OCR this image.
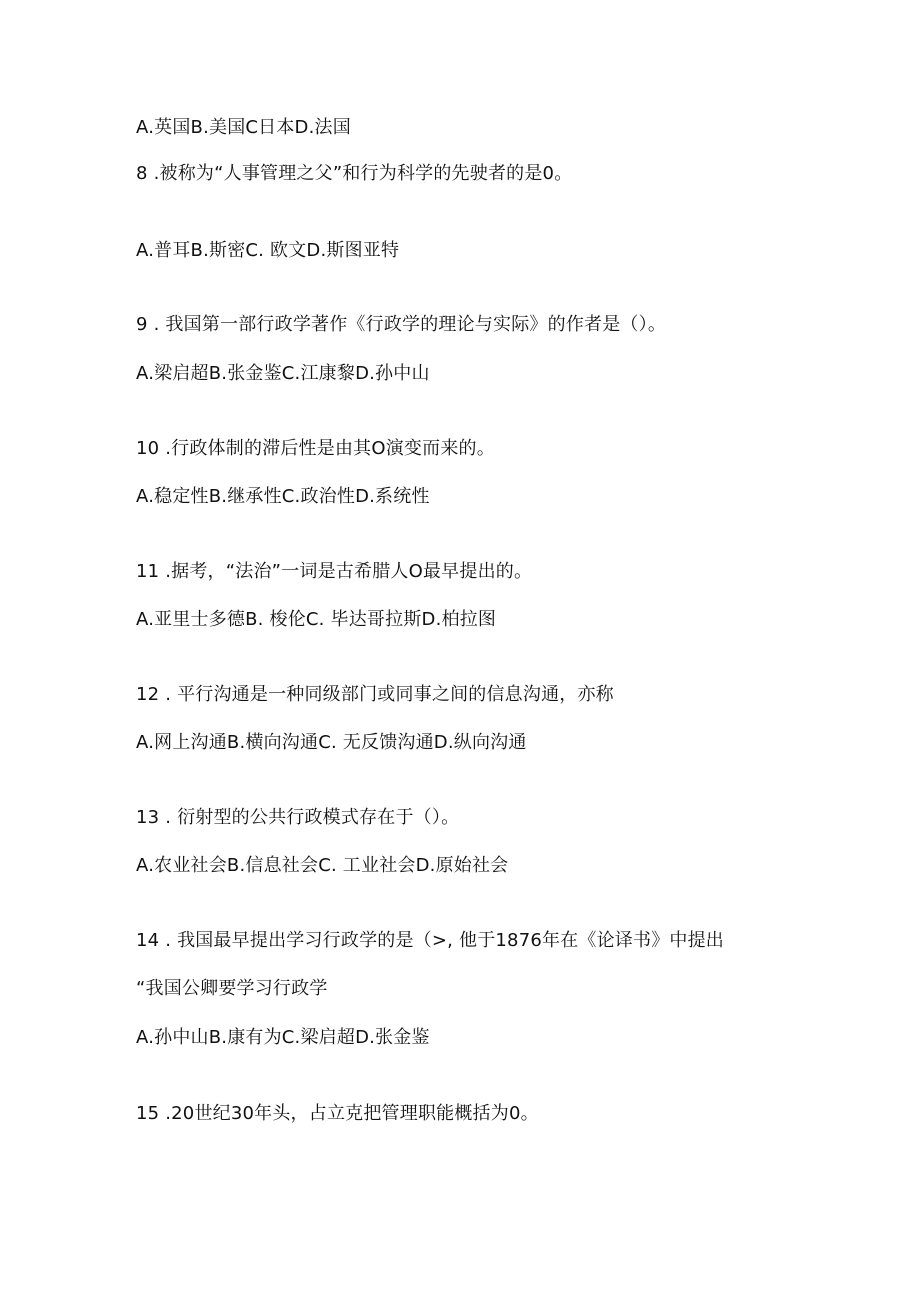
A.英国B.美国C日本D.法国
8 .被称为“人事管理之父”和行为科学的先驶者的是0。
A.普耳B.斯密C. 欧文D.斯图亚特
9 . 我国第一部行政学著作《行政学的理论与实际》的作者是（）。
A.梁启超B.张金鉴C.江康黎D.孙中山
10 .行政体制的滞后性是由其O演变而来的。
A.稳定性B.继承性C.政治性D.系统性
11 .据考，“法治”一词是古希腊人O最早提出的。
A.亚里士多德B. 梭伦C. 毕达哥拉斯D.柏拉图
12 . 平行沟通是一种同级部门或同事之间的信息沟通，亦称
A.网上沟通B.横向沟通C. 无反馈沟通D.纵向沟通
13 . 衍射型的公共行政模式存在于（）。
A.农业社会B.信息社会C. 工业社会D.原始社会
14 . 我国最早提出学习行政学的是（>, 他于1876年在《论译书》中提出
“我国公卿要学习行政学
A.孙中山B.康有为C.梁启超D.张金鉴
15 .20世纪30年头，占立克把管理职能概括为0。
